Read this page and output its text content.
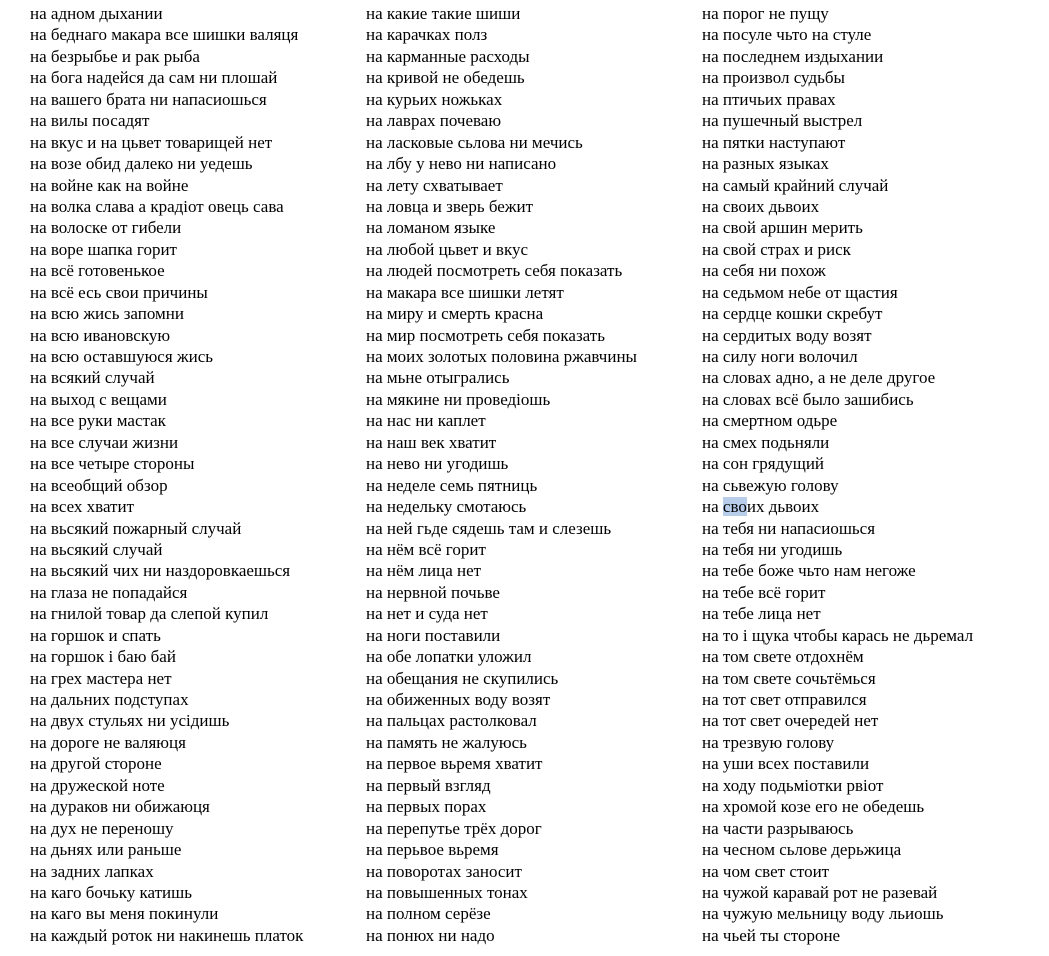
на адном дыхании
на беднаго макара все шишки валяця
на безрыбье и рак рыба
на бога надейся да сам ни плошай
на вашего брата ни напасиошься
на вилы посадят
на вкус и на цьвет товарищей нет
на возе обид далеко ни уедешь
на войне как на войне
на волка слава а крадiот овець сава
на волоске от гибели
на воре шапка горит
на всё готовенькое
на всё есь свои причины
на всю жись запомни
на всю ивановскую
на всю оставшуюся жись
на всякий случай
на выход с вещами
на все руки мастак
на все случаи жизни
на все четыре стороны
на всеобщий обзор
на всех хватит
на вьсякий пожарный случай
на вьсякий случай
на вьсякий чих ни наздоровкаешься
на глаза не попадайся
на гнилой товар да слепой купил
на горшок и спать
на горшок i баю бай
на грех мастера нет
на дальних подступах
на двух стульях ни усiдишь
на дороге не валяюця
на другой стороне
на дружеской ноте
на дураков ни обижаюця
на дух не переношу
на дьнях или раньше
на задних лапках
на каго бочьку катишь
на каго вы меня покинули
на каждый роток ни накинешь платок
на какие такие шиши
на карачках полз
на карманные расходы
на кривой не обедешь
на курьих ножьках
на лаврах почеваю
на ласковые сьлова ни мечись
на лбу у нево ни написано
на лету схватывает
на ловца и зверь бежит
на ломаном языке
на любой цьвет и вкус
на людей посмотреть себя показать
на макара все шишки летят
на миру и смерть красна
на мир посмотреть себя показать
на моих золотых половина ржавчины
на мьне отыгрались
на мякине ни проведiошь
на нас ни каплет
на наш век хватит
на нево ни угодишь
на неделе семь пятниць
на недельку смотаюсь
на ней гьде сядешь там и слезешь
на нём всё горит
на нём лица нет
на нервной почьве
на нет и суда нет
на ноги поставили
на обе лопатки уложил
на обещания не скупились
на обиженных воду возят
на пальцах растолковал
на память не жалуюсь
на первое вьремя хватит
на первый взгляд
на первых порах
на перепутье трёх дорог
на перьвое вьремя
на поворотах заносит
на повышенных тонах
на полном серёзе
на понюх ни надо
на порог не пущу
на посуле чьто на стуле
на последнем издыхании
на произвол судьбы
на птичьих правах
на пушечный выстрел
на пятки наступают
на разных языках
на самый крайний случай
на своих дьвоих
на свой аршин мерить
на свой страх и риск
на себя ни похож
на седьмом небе от щастия
на сердце кошки скребут
на сердитых воду возят
на силу ноги волочил
на словах адно, а не деле другое
на словах всё было зашибись
на смертном одьре
на смех подьняли
на сон грядущий
на сьвежую голову
на своих дьвоих
на тебя ни напасиошься
на тебя ни угодишь
на тебе боже чьто нам негоже
на тебе всё горит
на тебе лица нет
на то i щука чтобы карась не дьремал
на том свете отдохнём
на том свете сочьтёмься
на тот свет отправился
на тот свет очередей нет
на трезвую голову
на уши всех поставили
на ходу подьмiотки рвiот
на хромой козе его не обедешь
на части разрываюсь
на чесном сьлове дерьжица
на чом свет стоит
на чужой каравай рот не разевай
на чужую мельницу воду льиошь
на чьей ты стороне
